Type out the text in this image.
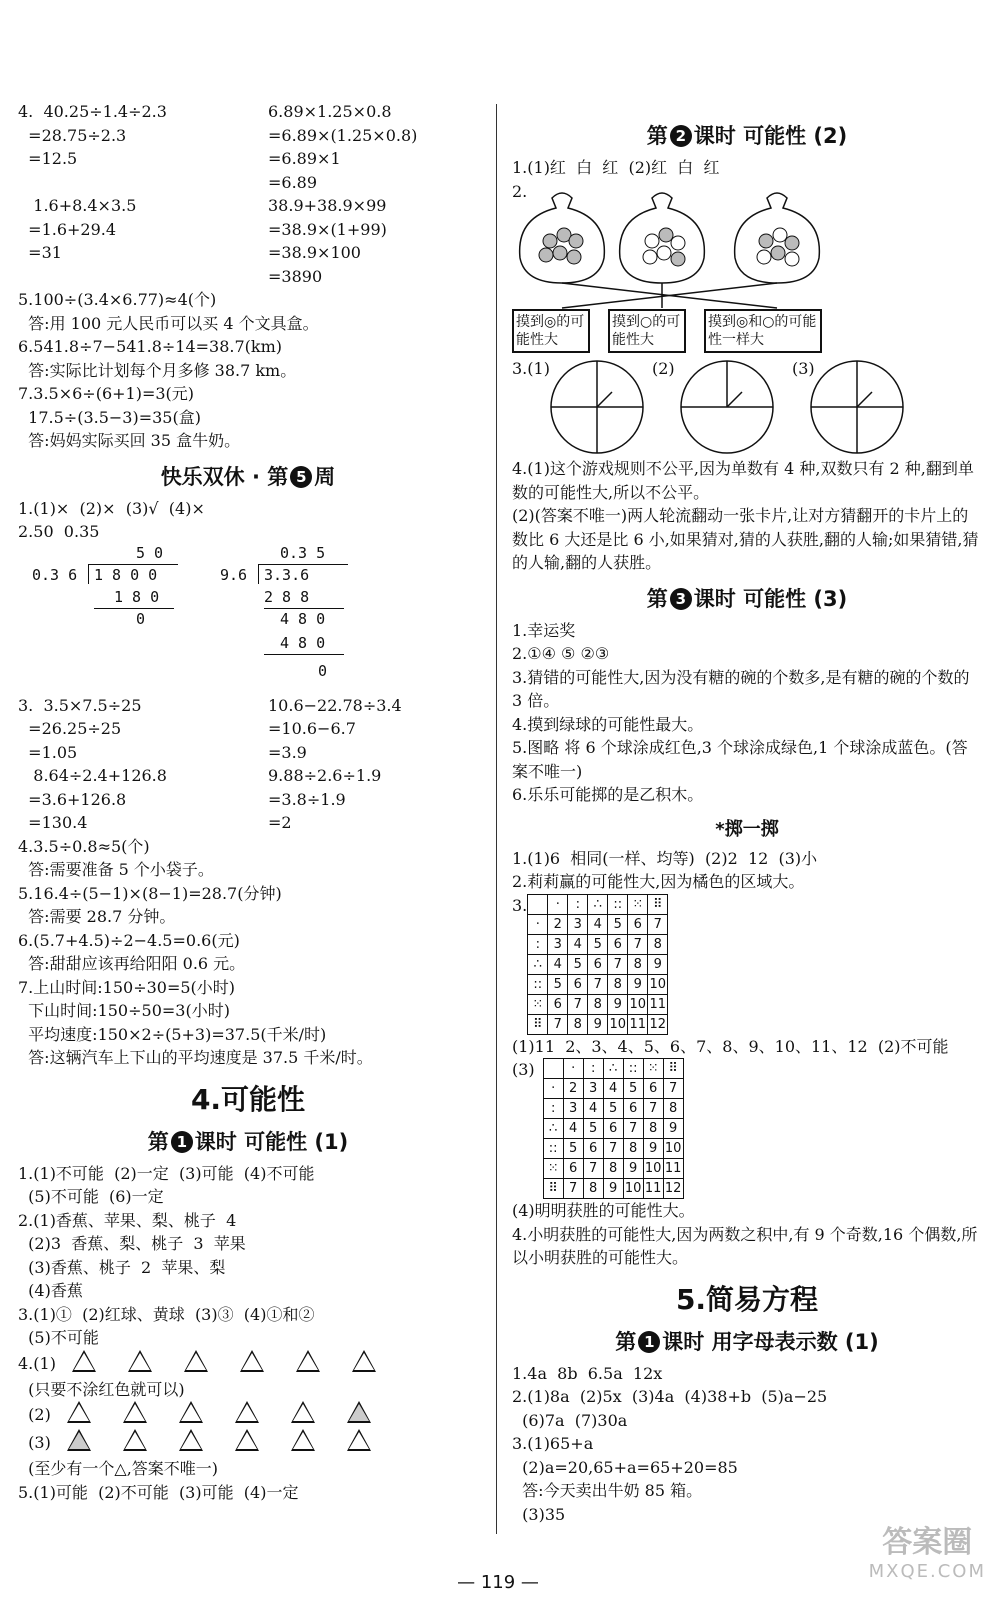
4.  40.25÷1.4÷2.3	6.89×1.25×0.8
=28.75÷2.3	=6.89×(1.25×0.8)
=12.5	=6.89×1
=6.89
1.6+8.4×3.5	38.9+38.9×99
=1.6+29.4	=38.9×(1+99)
=31	=38.9×100
=3890
5.100÷(3.4×6.77)≈4(个)
答:用 100 元人民币可以买 4 个文具盒。
6.541.8÷7−541.8÷14=38.7(km)
答:实际比计划每个月多修 38.7 km。
7.3.5×6÷(6+1)=3(元)
17.5÷(3.5−3)=35(盒)
答:妈妈实际买回 35 盒牛奶。
快乐双休 · 第 5 周
1.(1)×  (2)×  (3)√  (4)×
2.50  0.35
5 0
0.3 6 1 8 0 0
1 8 0
0
0.3 5
9.6 3.3.6
2 8 8
4 8 0
4 8 0
0
3.  3.5×7.5÷25	10.6−22.78÷3.4
=26.25÷25	=10.6−6.7
=1.05	=3.9
8.64÷2.4+126.8	9.88÷2.6÷1.9
=3.6+126.8	=3.8÷1.9
=130.4	=2
4.3.5÷0.8≈5(个)
答:需要准备 5 个小袋子。
5.16.4÷(5−1)×(8−1)=28.7(分钟)
答:需要 28.7 分钟。
6.(5.7+4.5)÷2−4.5=0.6(元)
答:甜甜应该再给阳阳 0.6 元。
7.上山时间:150÷30=5(小时)
下山时间:150÷50=3(小时)
平均速度:150×2÷(5+3)=37.5(千米/时)
答:这辆汽车上下山的平均速度是 37.5 千米/时。
4.可能性
第 1 课时 可能性 (1)
1.(1)不可能  (2)一定  (3)可能  (4)不可能
(5)不可能  (6)一定
2.(1)香蕉、苹果、梨、桃子  4
(2)3  香蕉、梨、桃子  3  苹果
(3)香蕉、桃子  2  苹果、梨
(4)香蕉
3.(1)①  (2)红球、黄球  (3)③  (4)①和②
(5)不可能
4.(1)
(只要不涂红色就可以)
(2)
(3)
(至少有一个△,答案不唯一)
5.(1)可能  (2)不可能  (3)可能  (4)一定
第 2 课时 可能性 (2)
1.(1)红  白  红  (2)红  白  红
2.
摸到◎的可能性大
摸到○的可能性大
摸到◎和○的可能性一样大
3.(1)	(2)	(3)
4.(1)这个游戏规则不公平,因为单数有 4 种,双数只有 2 种,翻到单数的可能性大,所以不公平。
(2)(答案不唯一)两人轮流翻动一张卡片,让对方猜翻开的卡片上的数比 6 大还是比 6 小,如果猜对,猜的人获胜,翻的人输;如果猜错,猜的人输,翻的人获胜。
第 3 课时 可能性 (3)
1.幸运奖
2.①④ ⑤ ②③
3.猜错的可能性大,因为没有糖的碗的个数多,是有糖的碗的个数的 3 倍。
4.摸到绿球的可能性最大。
5.图略 将 6 个球涂成红色,3 个球涂成绿色,1 个球涂成蓝色。(答案不唯一)
6.乐乐可能掷的是乙积木。
*掷一掷
1.(1)6  相同(一样、均等)  (2)2  12  (3)小
2.莉莉赢的可能性大,因为橘色的区域大。
3.
	·	:	∴	::	⁙	⠿
·	2	3	4	5	6	7
:	3	4	5	6	7	8
∴	4	5	6	7	8	9
::	5	6	7	8	9	10
⁙	6	7	8	9	10	11
⠿	7	8	9	10	11	12
(1)11  2、3、4、5、6、7、8、9、10、11、12  (2)不可能
(3)
		·	:	∴	::	⁙	⠿
·	2	3	4	5	6	7
:	3	4	5	6	7	8
∴	4	5	6	7	8	9
::	5	6	7	8	9	10
⁙	6	7	8	9	10	11
⠿	7	8	9	10	11	12
(4)明明获胜的可能性大。
4.小明获胜的可能性大,因为两数之积中,有 9 个奇数,16 个偶数,所以小明获胜的可能性大。
5.简易方程
第 1 课时 用字母表示数 (1)
1.4a  8b  6.5a  12x
2.(1)8a  (2)5x  (3)4a  (4)38+b  (5)a−25
(6)7a  (7)30a
3.(1)65+a
(2)a=20,65+a=65+20=85
答:今天卖出牛奶 85 箱。
(3)35
— 119 —
答案圈
MXQE.COM
